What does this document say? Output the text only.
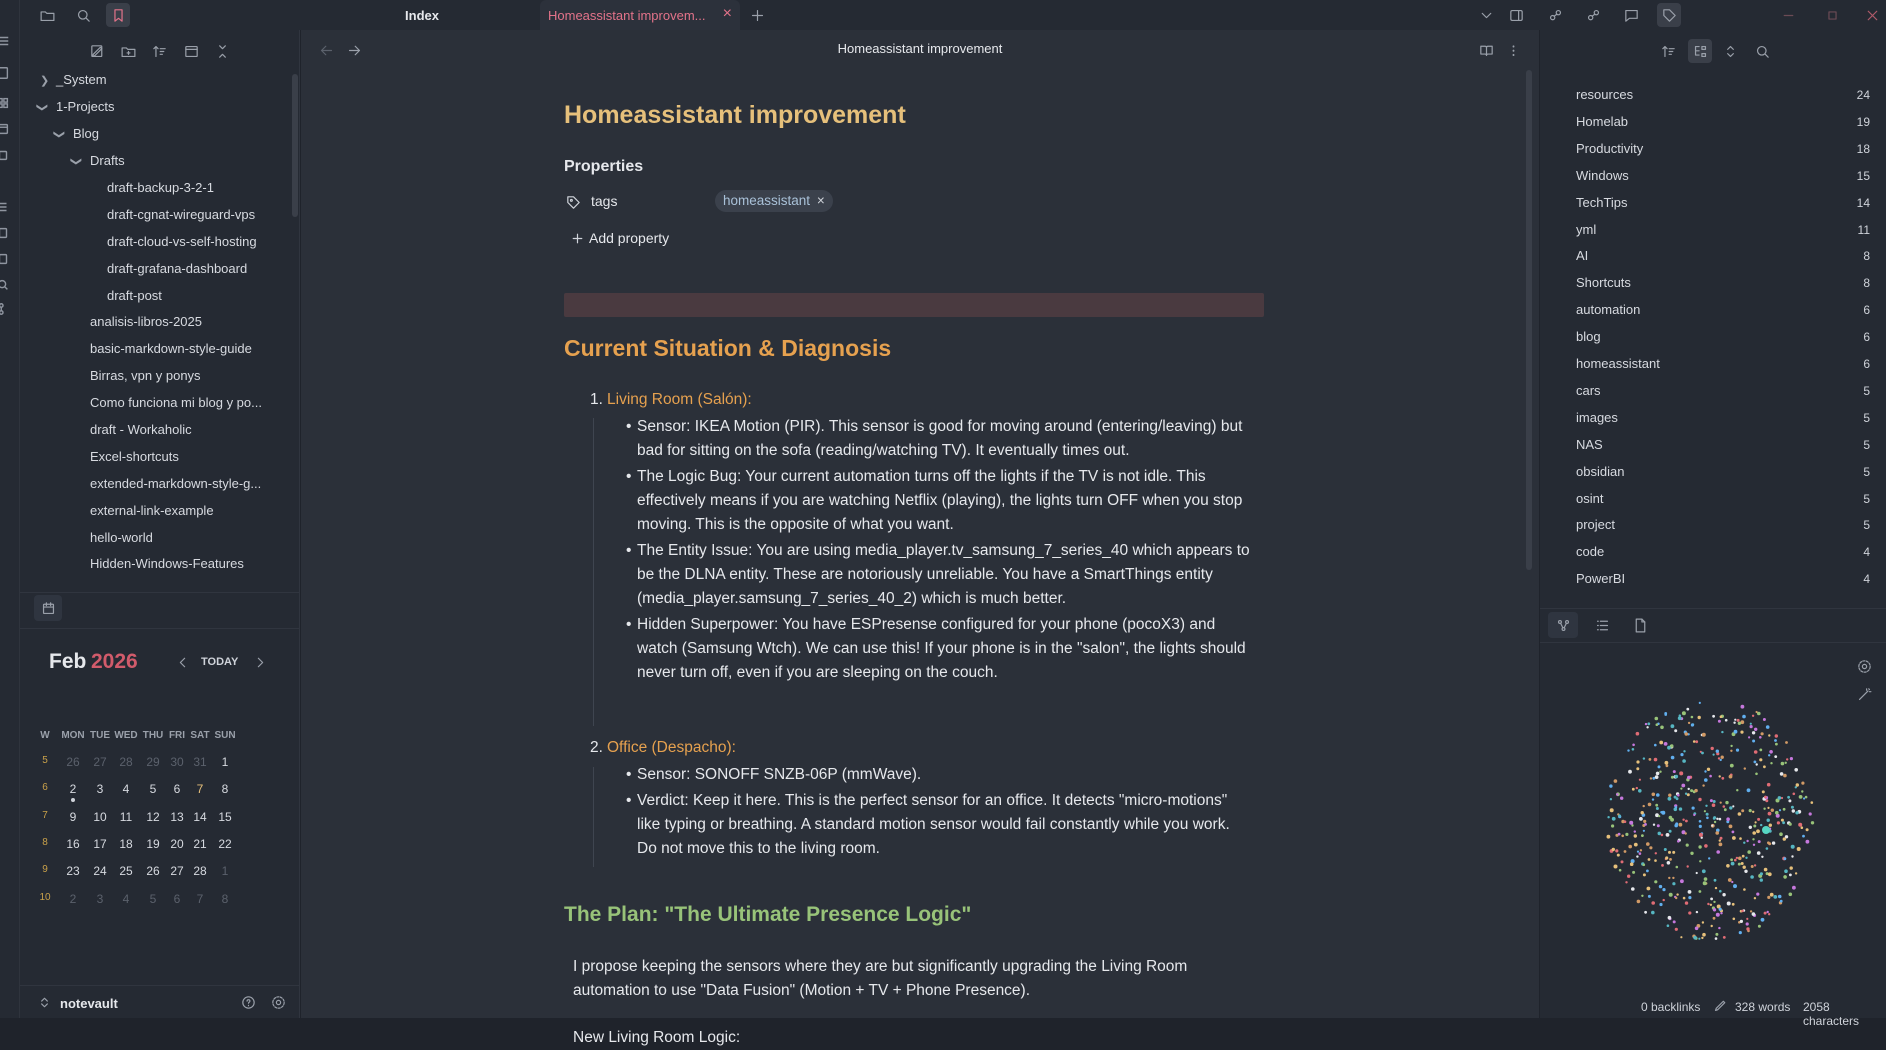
Index	Homeassistant improvem... ×
❯ _System
❯ 1-Projects
❯ Blog
❯ Drafts
draft-backup-3-2-1
draft-cgnat-wireguard-vps
draft-cloud-vs-self-hosting
draft-grafana-dashboard
draft-post
analisis-libros-2025
basic-markdown-style-guide
Birras, vpn y ponys
Como funciona mi blog y po...
draft - Workaholic
Excel-shortcuts
extended-markdown-style-g...
external-link-example
hello-world
Hidden-Windows-Features
Feb 2026	TODAY
W	MON TUE WED THU FRI SAT SUN
5	26	27	28	29 30 31	1
6	2	3	4	5	6	7	8
7	9	10	11	12 13 14 15
8	16	17	18	19 20 21 22
9	23	24	25	26 27 28	1
10	2	3	4	5	6	7	8
notevault
Homeassistant improvement
Homeassistant improvement
Properties
tags	homeassistant ×
Add property
Current Situation & Diagnosis
1. Living Room (Salón):
• Sensor: IKEA Motion (PIR). This sensor is good for moving around (entering/leaving) but
bad for sitting on the sofa (reading/watching TV). It eventually times out.
• The Logic Bug: Your current automation turns off the lights if the TV is not idle. This
effectively means if you are watching Netflix (playing), the lights turn OFF when you stop
moving. This is the opposite of what you want.
• The Entity Issue: You are using media_player.tv_samsung_7_series_40 which appears to
be the DLNA entity. These are notoriously unreliable. You have a SmartThings entity
(media_player.samsung_7_series_40_2) which is much better.
• Hidden Superpower: You have ESPresense configured for your phone (pocoX3) and
watch (Samsung Wtch). We can use this! If your phone is in the "salon", the lights should
never turn off, even if you are sleeping on the couch.
2. Office (Despacho):
• Sensor: SONOFF SNZB-06P (mmWave).
• Verdict: Keep it here. This is the perfect sensor for an office. It detects "micro-motions"
like typing or breathing. A standard motion sensor would fail constantly while you work.
Do not move this to the living room.
The Plan: "The Ultimate Presence Logic"
I propose keeping the sensors where they are but significantly upgrading the Living Room
automation to use "Data Fusion" (Motion + TV + Phone Presence).
New Living Room Logic:
resources	24
Homelab	19
Productivity	18
Windows	15
TechTips	14
yml	11
AI	8
Shortcuts	8
automation	6
blog	6
homeassistant	6
cars	5
images	5
NAS	5
obsidian	5
osint	5
project	5
code	4
PowerBI	4
0 backlinks	328 words 2058 characters
